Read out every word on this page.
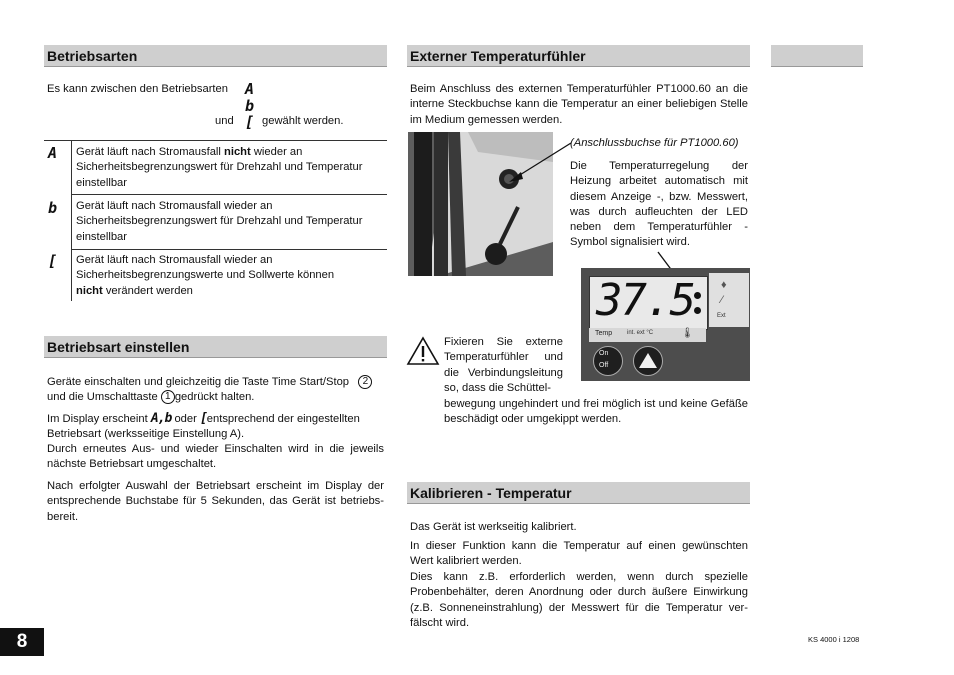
Betriebsarten
Es kann zwischen den Betriebsarten A
b
[
und	gewählt werden.
A Gerät läuft nach Stromausfall nicht wieder an
Sicherheitsbegrenzungswert für Drehzahl und Temperatur
einstellbar
b Gerät läuft nach Stromausfall wieder an
Sicherheitsbegrenzungswert für Drehzahl und Temperatur
einstellbar
[ Gerät läuft nach Stromausfall wieder an
Sicherheitsbegrenzungswerte und Sollwerte können
nicht verändert werden
Betriebsart einstellen
Geräte einschalten und gleichzeitig die Taste Time Start/Stop 2
und die Umschalttaste 1 gedrückt halten.
Im Display erscheint A,b oder [entsprechend der eingestellten
Betriebsart (werksseitige Einstellung A).
Durch erneutes Aus- und wieder Einschalten wird in die jeweils nächste Betriebsart umgeschaltet.
Nach erfolgter Auswahl der Betriebsart erscheint im Display der entsprechende Buchstabe für 5 Sekunden, das Gerät ist betriebs-bereit.
8
Externer Temperaturfühler
Beim Anschluss des externen Temperaturfühler PT1000.60 an die interne Steckbuchse kann die Temperatur an einer beliebigen Stelle im Medium gemessen werden.
(Anschlussbuchse für PT1000.60)
Die Temperaturregelung der Heizung arbeitet automatisch mit diesem Anzeige -, bzw. Messwert, was durch aufleuchten der LED neben dem Temperaturfühler - Symbol signalisiert wird.
37.5 ♦
⁄
Ext
Temp int. ext °C	🌡
On
Off
Fixieren Sie externe Temperaturfühler und die Verbindungsleitung so, dass die Schüttel-
bewegung ungehindert und frei möglich ist und keine Gefäße beschädigt oder umgekippt werden.
Kalibrieren - Temperatur
Das Gerät ist werkseitig kalibriert.
In dieser Funktion kann die Temperatur auf einen gewünschten Wert kalibriert werden.
Dies kann z.B. erforderlich werden, wenn durch spezielle Probenbehälter, deren Anordnung oder durch äußere Einwirkung (z.B. Sonneneinstrahlung) der Messwert für die Temperatur ver-fälscht wird.
KS 4000 i 1208
